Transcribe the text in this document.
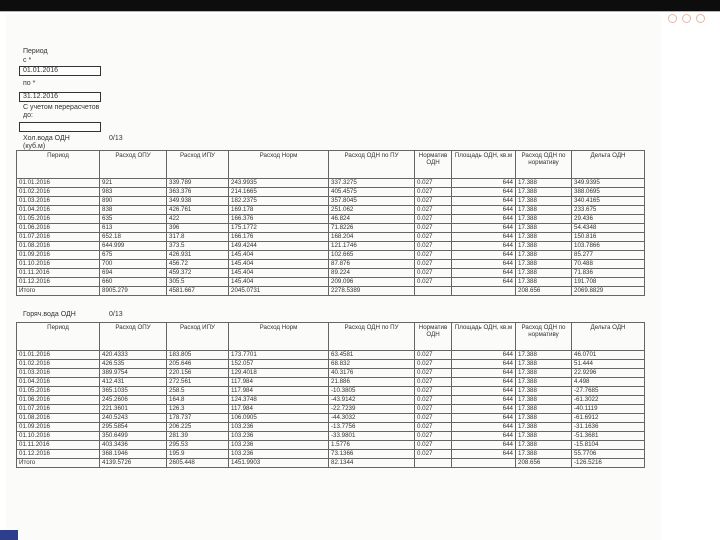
Период
с *
01.01.2016
по *
31.12.2016
С учетом перерасчетов до:
Хол.вода ОДН (куб.м)
0/13
Период	Расход ОПУ	Расход ИПУ	Расход Норм	Расход ОДН по ПУ	Норматив ОДН	Площадь ОДН, кв.м	Расход ОДН по нормативу	Дельта ОДН
01.01.2016	921	339.789	243.9935	337.3275	0.027	644	17.388	349.9395
01.02.2016	983	363.376	214.1665	405.4575	0.027	644	17.388	388.0695
01.03.2016	890	349.938	182.2375	357.8045	0.027	644	17.388	340.4165
01.04.2016	838	426.761	169.178	251.062	0.027	644	17.388	233.675
01.05.2016	635	422	166.376	46.824	0.027	644	17.388	29.436
01.06.2016	613	396	175.1772	71.8226	0.027	644	17.388	54.4348
01.07.2016	652.18	317.8	166.176	168.204	0.027	644	17.388	150.816
01.08.2016	644.999	373.5	149.4244	121.1746	0.027	644	17.388	103.7866
01.09.2016	675	426.931	145.404	102.665	0.027	644	17.388	85.277
01.10.2016	700	456.72	145.404	87.876	0.027	644	17.388	70.488
01.11.2016	694	459.372	145.404	89.224	0.027	644	17.388	71.836
01.12.2016	660	305.5	145.404	209.096	0.027	644	17.388	191.708
Итого	8905.279	4581.667	2045.0731	2278.5389			208.656	2069.8829
Горяч.вода ОДН	0/13
Период	Расход ОПУ	Расход ИПУ	Расход Норм	Расход ОДН по ПУ	Норматив ОДН	Площадь ОДН, кв.м	Расход ОДН по нормативу	Дельта ОДН
01.01.2016	420.4333	183.805	173.7701	63.4581	0.027	644	17.388	46.0701
01.02.2016	426.535	205.646	152.057	68.832	0.027	644	17.388	51.444
01.03.2016	389.9754	220.156	129.4018	40.3176	0.027	644	17.388	22.9296
01.04.2016	412.431	272.561	117.984	21.886	0.027	644	17.388	4.498
01.05.2016	365.1035	258.5	117.984	-10.3805	0.027	644	17.388	-27.7685
01.06.2016	245.2606	164.8	124.3748	-43.9142	0.027	644	17.388	-61.3022
01.07.2016	221.3601	126.3	117.984	-22.7239	0.027	644	17.388	-40.1119
01.08.2016	240.5243	178.737	106.0905	-44.3032	0.027	644	17.388	-61.6912
01.09.2016	295.5854	206.225	103.236	-13.7756	0.027	644	17.388	-31.1636
01.10.2016	350.6499	281.39	103.236	-33.9801	0.027	644	17.388	-51.3681
01.11.2016	403.3436	295.53	103.236	1.5776	0.027	644	17.388	-15.8104
01.12.2016	368.1946	195.9	103.236	73.1366	0.027	644	17.388	55.7706
Итого	4139.5726	2605.448	1451.9903	82.1344			208.656	-126.5216
